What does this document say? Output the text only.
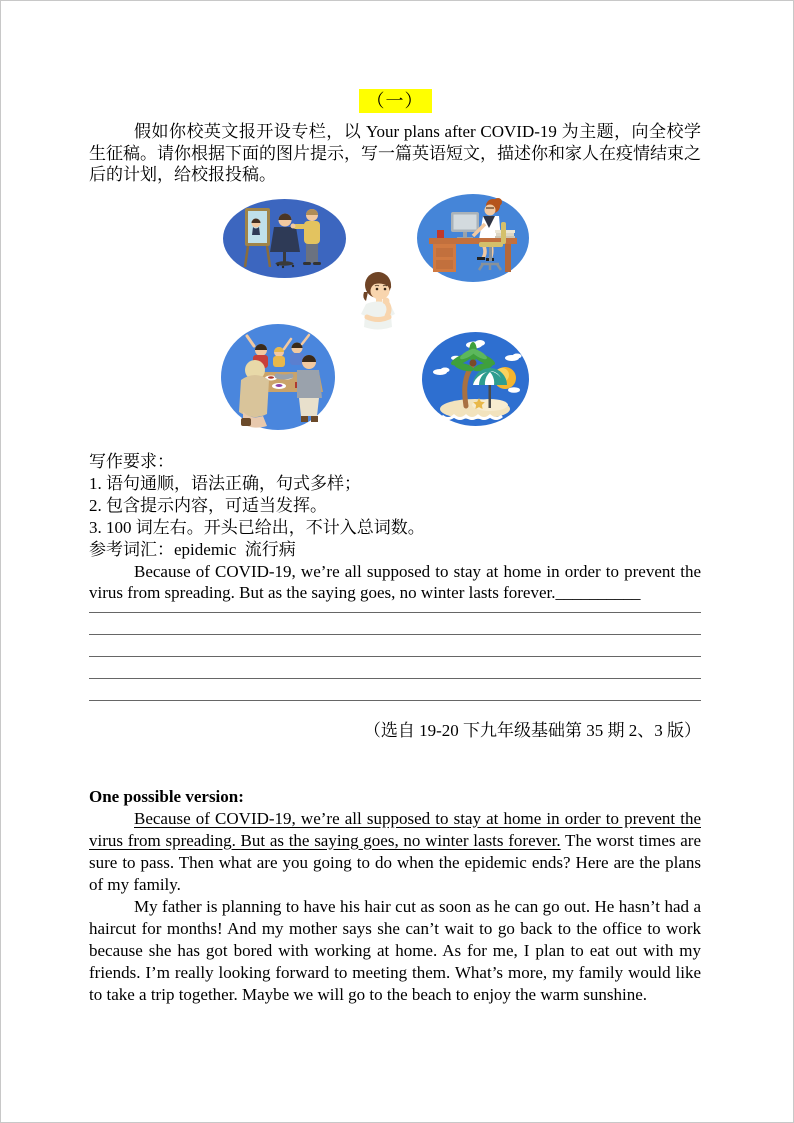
（一）
假如你校英文报开设专栏，以 Your plans after COVID-19 为主题，向全校学生征稿。请你根据下面的图片提示，写一篇英语短文，描述你和家人在疫情结束之后的计划，给校报投稿。
写作要求：
1. 语句通顺，语法正确，句式多样；
2. 包含提示内容，可适当发挥。
3. 100 词左右。开头已给出，不计入总词数。
参考词汇：epidemic  流行病
Because of COVID-19, we’re all supposed to stay at home in order to prevent the virus from spreading. But as the saying goes, no winter lasts forever.__________
（选自 19-20 下九年级基础第 35 期 2、3 版）
One possible version:
Because of COVID-19, we’re all supposed to stay at home in order to prevent the virus from spreading. But as the saying goes, no winter lasts forever. The worst times are sure to pass. Then what are you going to do when the epidemic ends? Here are the plans of my family.
My father is planning to have his hair cut as soon as he can go out. He hasn’t had a haircut for months! And my mother says she can’t wait to go back to the office to work because she has got bored with working at home. As for me, I plan to eat out with my friends. I’m really looking forward to meeting them. What’s more, my family would like to take a trip together. Maybe we will go to the beach to enjoy the warm sunshine.
